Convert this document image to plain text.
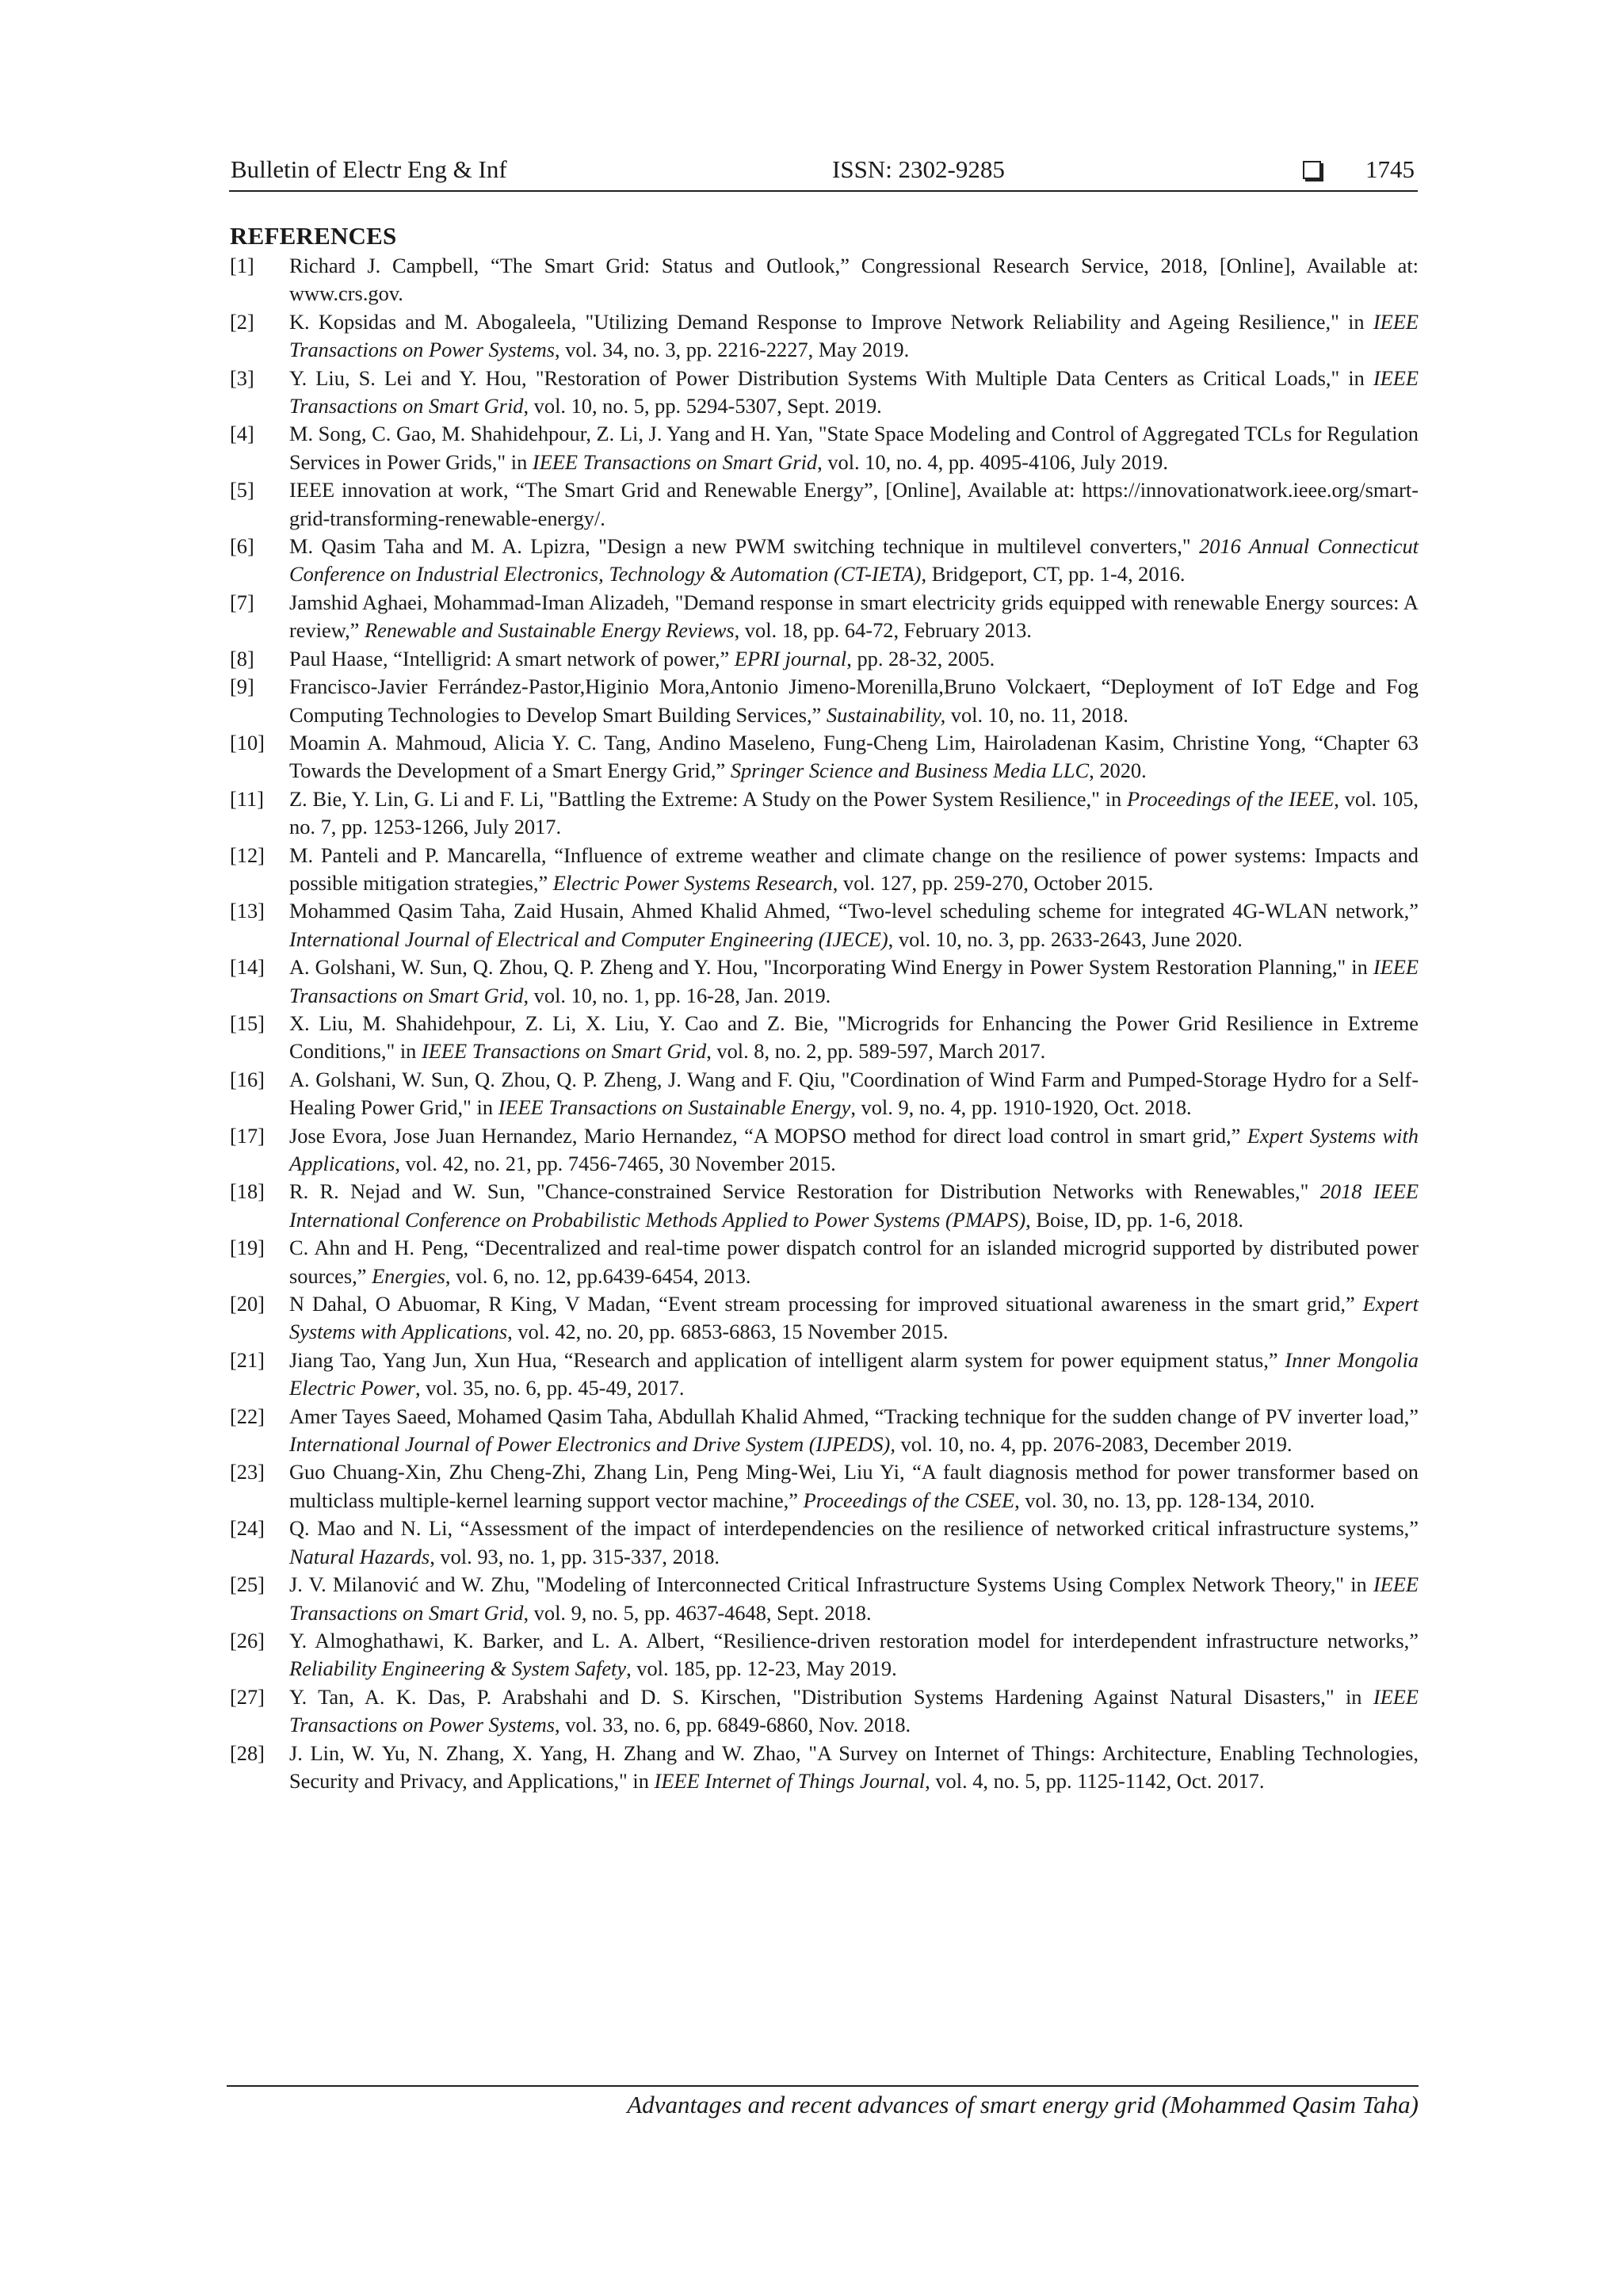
Bulletin of Electr Eng & Inf	ISSN: 2302-9285	1745
REFERENCES
[1]	Richard J. Campbell, “The Smart Grid: Status and Outlook,” Congressional Research Service, 2018, [Online], Available at: www.crs.gov.
[2]	K. Kopsidas and M. Abogaleela, "Utilizing Demand Response to Improve Network Reliability and Ageing Resilience," in IEEE Transactions on Power Systems, vol. 34, no. 3, pp. 2216-2227, May 2019.
[3]	Y. Liu, S. Lei and Y. Hou, "Restoration of Power Distribution Systems With Multiple Data Centers as Critical Loads," in IEEE Transactions on Smart Grid, vol. 10, no. 5, pp. 5294-5307, Sept. 2019.
[4]	M. Song, C. Gao, M. Shahidehpour, Z. Li, J. Yang and H. Yan, "State Space Modeling and Control of Aggregated TCLs for Regulation Services in Power Grids," in IEEE Transactions on Smart Grid, vol. 10, no. 4, pp. 4095-4106, July 2019.
[5]	IEEE innovation at work, “The Smart Grid and Renewable Energy”, [Online], Available at: https://innovationatwork.ieee.org/smart-grid-transforming-renewable-energy/.
[6]	M. Qasim Taha and M. A. Lpizra, "Design a new PWM switching technique in multilevel converters," 2016 Annual Connecticut Conference on Industrial Electronics, Technology & Automation (CT-IETA), Bridgeport, CT, pp. 1-4, 2016.
[7]	Jamshid Aghaei, Mohammad-Iman Alizadeh, "Demand response in smart electricity grids equipped with renewable Energy sources: A review,” Renewable and Sustainable Energy Reviews, vol. 18, pp. 64-72, February 2013.
[8]	Paul Haase, “Intelligrid: A smart network of power,” EPRI journal, pp. 28-32, 2005.
[9]	Francisco-Javier Ferrández-Pastor,Higinio Mora,Antonio Jimeno-Morenilla,Bruno Volckaert, “Deployment of IoT Edge and Fog Computing Technologies to Develop Smart Building Services,” Sustainability, vol. 10, no. 11, 2018.
[10]	Moamin A. Mahmoud, Alicia Y. C. Tang, Andino Maseleno, Fung-Cheng Lim, Hairoladenan Kasim, Christine Yong, “Chapter 63 Towards the Development of a Smart Energy Grid,” Springer Science and Business Media LLC, 2020.
[11]	Z. Bie, Y. Lin, G. Li and F. Li, "Battling the Extreme: A Study on the Power System Resilience," in Proceedings of the IEEE, vol. 105, no. 7, pp. 1253-1266, July 2017.
[12]	M. Panteli and P. Mancarella, “Influence of extreme weather and climate change on the resilience of power systems: Impacts and possible mitigation strategies,” Electric Power Systems Research, vol. 127, pp. 259-270, October 2015.
[13]	Mohammed Qasim Taha, Zaid Husain, Ahmed Khalid Ahmed, “Two-level scheduling scheme for integrated 4G-WLAN network,” International Journal of Electrical and Computer Engineering (IJECE), vol. 10, no. 3, pp. 2633-2643, June 2020.
[14]	A. Golshani, W. Sun, Q. Zhou, Q. P. Zheng and Y. Hou, "Incorporating Wind Energy in Power System Restoration Planning," in IEEE Transactions on Smart Grid, vol. 10, no. 1, pp. 16-28, Jan. 2019.
[15]	X. Liu, M. Shahidehpour, Z. Li, X. Liu, Y. Cao and Z. Bie, "Microgrids for Enhancing the Power Grid Resilience in Extreme Conditions," in IEEE Transactions on Smart Grid, vol. 8, no. 2, pp. 589-597, March 2017.
[16]	A. Golshani, W. Sun, Q. Zhou, Q. P. Zheng, J. Wang and F. Qiu, "Coordination of Wind Farm and Pumped-Storage Hydro for a Self-Healing Power Grid," in IEEE Transactions on Sustainable Energy, vol. 9, no. 4, pp. 1910-1920, Oct. 2018.
[17]	Jose Evora, Jose Juan Hernandez, Mario Hernandez, “A MOPSO method for direct load control in smart grid,” Expert Systems with Applications, vol. 42, no. 21, pp. 7456-7465, 30 November 2015.
[18]	R. R. Nejad and W. Sun, "Chance-constrained Service Restoration for Distribution Networks with Renewables," 2018 IEEE International Conference on Probabilistic Methods Applied to Power Systems (PMAPS), Boise, ID, pp. 1-6, 2018.
[19]	C. Ahn and H. Peng, “Decentralized and real-time power dispatch control for an islanded microgrid supported by distributed power sources,” Energies, vol. 6, no. 12, pp.6439-6454, 2013.
[20]	N Dahal, O Abuomar, R King, V Madan, “Event stream processing for improved situational awareness in the smart grid,” Expert Systems with Applications, vol. 42, no. 20, pp. 6853-6863, 15 November 2015.
[21]	Jiang Tao, Yang Jun, Xun Hua, “Research and application of intelligent alarm system for power equipment status,” Inner Mongolia Electric Power, vol. 35, no. 6, pp. 45-49, 2017.
[22]	Amer Tayes Saeed, Mohamed Qasim Taha, Abdullah Khalid Ahmed, “Tracking technique for the sudden change of PV inverter load,” International Journal of Power Electronics and Drive System (IJPEDS), vol. 10, no. 4, pp. 2076-2083, December 2019.
[23]	Guo Chuang-Xin, Zhu Cheng-Zhi, Zhang Lin, Peng Ming-Wei, Liu Yi, “A fault diagnosis method for power transformer based on multiclass multiple-kernel learning support vector machine,” Proceedings of the CSEE, vol. 30, no. 13, pp. 128-134, 2010.
[24]	Q. Mao and N. Li, “Assessment of the impact of interdependencies on the resilience of networked critical infrastructure systems,” Natural Hazards, vol. 93, no. 1, pp. 315-337, 2018.
[25]	J. V. Milanović and W. Zhu, "Modeling of Interconnected Critical Infrastructure Systems Using Complex Network Theory," in IEEE Transactions on Smart Grid, vol. 9, no. 5, pp. 4637-4648, Sept. 2018.
[26]	Y. Almoghathawi, K. Barker, and L. A. Albert, “Resilience-driven restoration model for interdependent infrastructure networks,” Reliability Engineering & System Safety, vol. 185, pp. 12-23, May 2019.
[27]	Y. Tan, A. K. Das, P. Arabshahi and D. S. Kirschen, "Distribution Systems Hardening Against Natural Disasters," in IEEE Transactions on Power Systems, vol. 33, no. 6, pp. 6849-6860, Nov. 2018.
[28]	J. Lin, W. Yu, N. Zhang, X. Yang, H. Zhang and W. Zhao, "A Survey on Internet of Things: Architecture, Enabling Technologies, Security and Privacy, and Applications," in IEEE Internet of Things Journal, vol. 4, no. 5, pp. 1125-1142, Oct. 2017.
Advantages and recent advances of smart energy grid (Mohammed Qasim Taha)
